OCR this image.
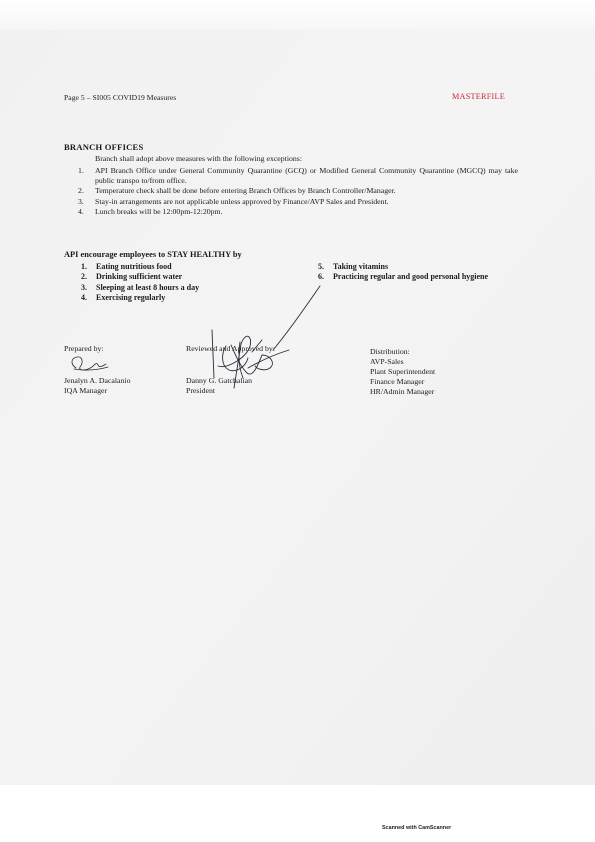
Page 5 – SI005 COVID19 Measures	MASTERFILE
BRANCH OFFICES
Branch shall adopt above measures with the following exceptions:
1. API Branch Office under General Community Quarantine (GCQ) or Modified General Community Quarantine (MGCQ) may take public transpo to/from office.
2. Temperature check shall be done before entering Branch Offices by Branch Controller/Manager.
3. Stay-in arrangements are not applicable unless approved by Finance/AVP Sales and President.
4. Lunch breaks will be 12:00pm-12:20pm.
API encourage employees to STAY HEALTHY by
1. Eating nutritious food
2. Drinking sufficient water
3. Sleeping at least 8 hours a day
4. Exercising regularly
5. Taking vitamins
6. Practicing regular and good personal hygiene
Prepared by:
Jenalyn A. Dacalanio
IQA Manager
Reviewed and Approved by:
Danny G. Gatchalian
President
Distribution:
AVP-Sales
Plant Superintendent
Finance Manager
HR/Admin Manager
Scanned with CamScanner
